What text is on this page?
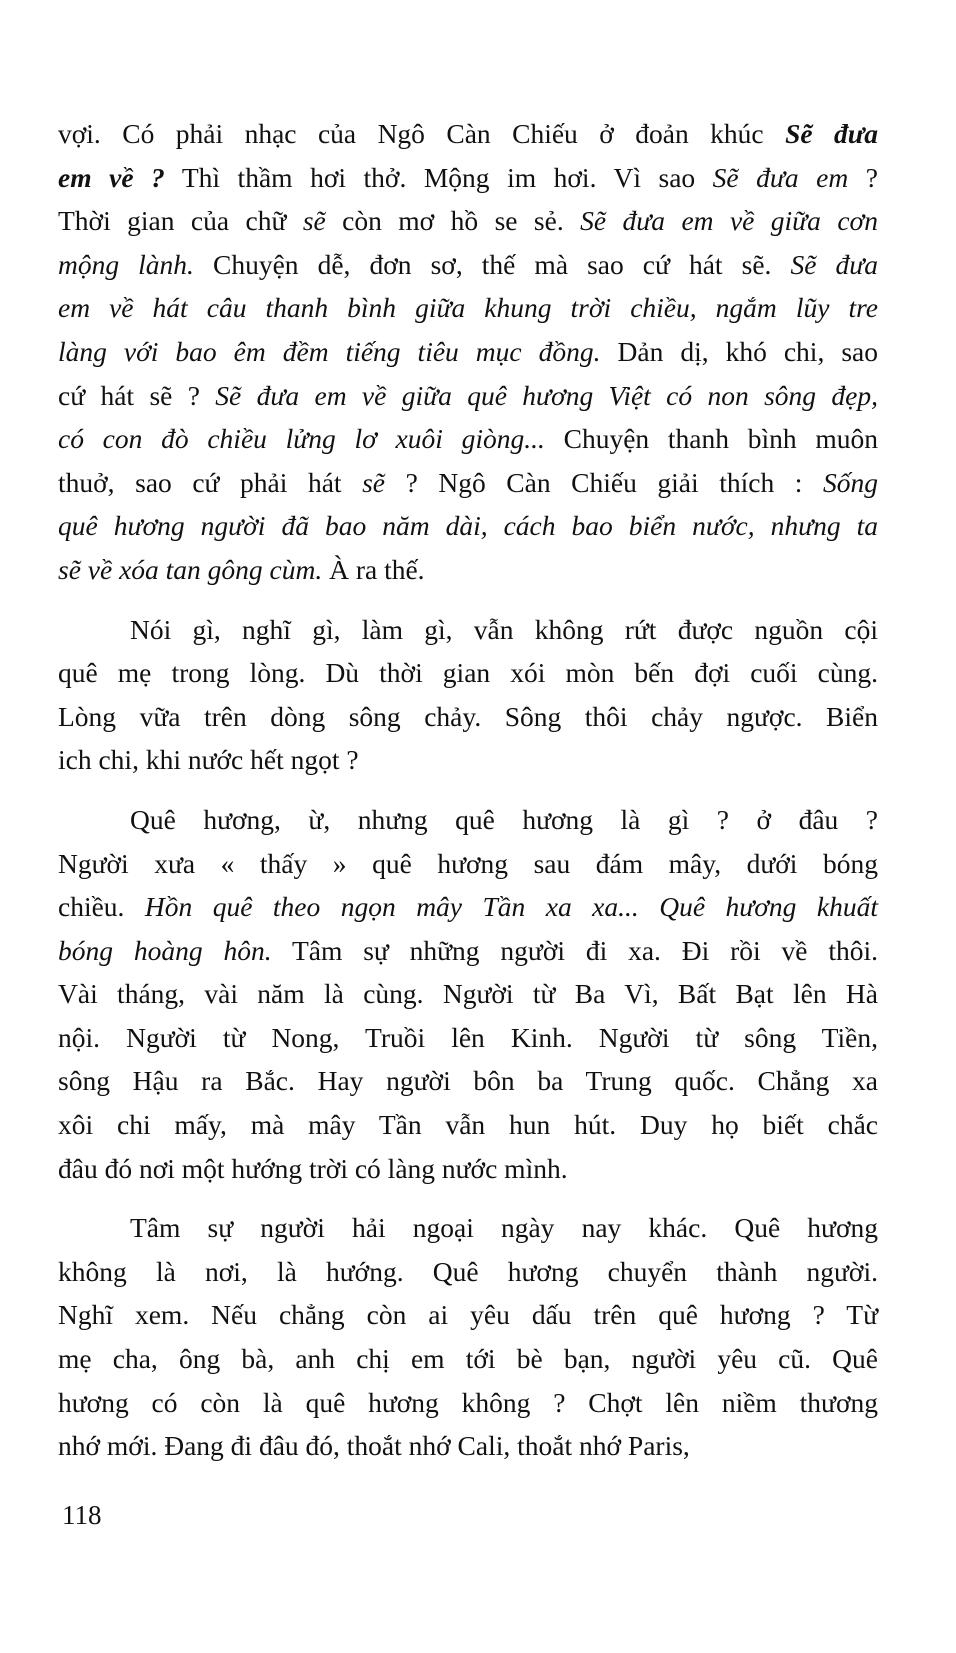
vợi. Có phải nhạc của Ngô Càn Chiếu ở đoản khúc Sẽ đưa
em về ? Thì thầm hơi thở. Mộng im hơi. Vì sao Sẽ đưa em ?
Thời gian của chữ sẽ còn mơ hồ se sẻ. Sẽ đưa em về giữa cơn
mộng lành. Chuyện dễ, đơn sơ, thế mà sao cứ hát sẽ. Sẽ đưa
em về hát câu thanh bình giữa khung trời chiều, ngắm lũy tre
làng với bao êm đềm tiếng tiêu mục đồng. Dản dị, khó chi, sao
cứ hát sẽ ? Sẽ đưa em về giữa quê hương Việt có non sông đẹp,
có con đò chiều lửng lơ xuôi giòng... Chuyện thanh bình muôn
thuở, sao cứ phải hát sẽ ? Ngô Càn Chiếu giải thích : Sống
quê hương người đã bao năm dài, cách bao biển nước, nhưng ta
sẽ về xóa tan gông cùm. À ra thế.
Nói gì, nghĩ gì, làm gì, vẫn không rứt được nguồn cội
quê mẹ trong lòng. Dù thời gian xói mòn bến đợi cuối cùng.
Lòng vữa trên dòng sông chảy. Sông thôi chảy ngược. Biển
ich chi, khi nước hết ngọt ?
Quê hương, ừ, nhưng quê hương là gì ? ở đâu ?
Người xưa « thấy » quê hương sau đám mây, dưới bóng
chiều. Hồn quê theo ngọn mây Tần xa xa... Quê hương khuất
bóng hoàng hôn. Tâm sự những người đi xa. Đi rồi về thôi.
Vài tháng, vài năm là cùng. Người từ Ba Vì, Bất Bạt lên Hà
nội. Người từ Nong, Truồi lên Kinh. Người từ sông Tiền,
sông Hậu ra Bắc. Hay người bôn ba Trung quốc. Chẳng xa
xôi chi mấy, mà mây Tần vẫn hun hút. Duy họ biết chắc
đâu đó nơi một hướng trời có làng nước mình.
Tâm sự người hải ngoại ngày nay khác. Quê hương
không là nơi, là hướng. Quê hương chuyển thành người.
Nghĩ xem. Nếu chẳng còn ai yêu dấu trên quê hương ? Từ
mẹ cha, ông bà, anh chị em tới bè bạn, người yêu cũ. Quê
hương có còn là quê hương không ? Chợt lên niềm thương
nhớ mới. Đang đi đâu đó, thoắt nhớ Cali, thoắt nhớ Paris,
118
